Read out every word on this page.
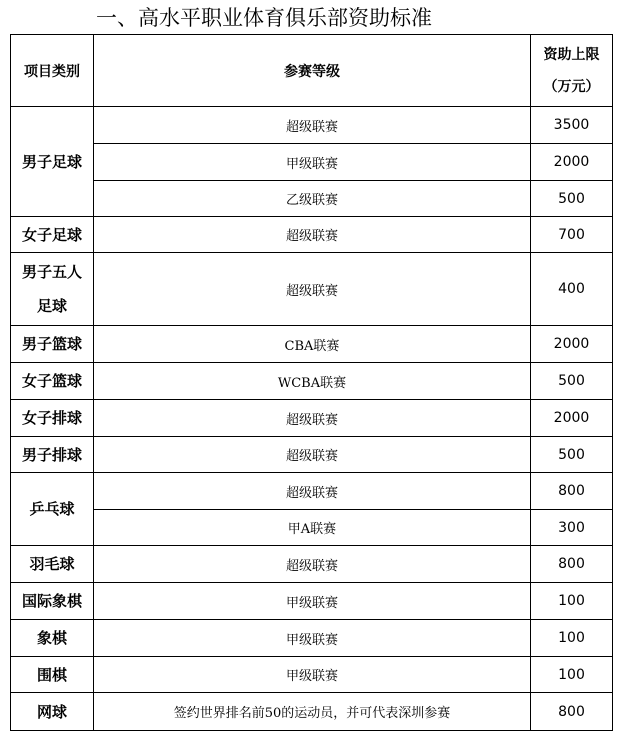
一、高水平职业体育俱乐部资助标准
项目类别	参赛等级	资助上限
（万元）
男子足球	超级联赛	3500
	甲级联赛	2000
	乙级联赛	500
女子足球	超级联赛	700
男子五人
足球	超级联赛	400
男子篮球	CBA联赛	2000
女子篮球	WCBA联赛	500
女子排球	超级联赛	2000
男子排球	超级联赛	500
乒乓球	超级联赛	800
	甲A联赛	300
羽毛球	超级联赛	800
国际象棋	甲级联赛	100
象棋	甲级联赛	100
围棋	甲级联赛	100
网球	签约世界排名前50的运动员，并可代表深圳参赛	800
